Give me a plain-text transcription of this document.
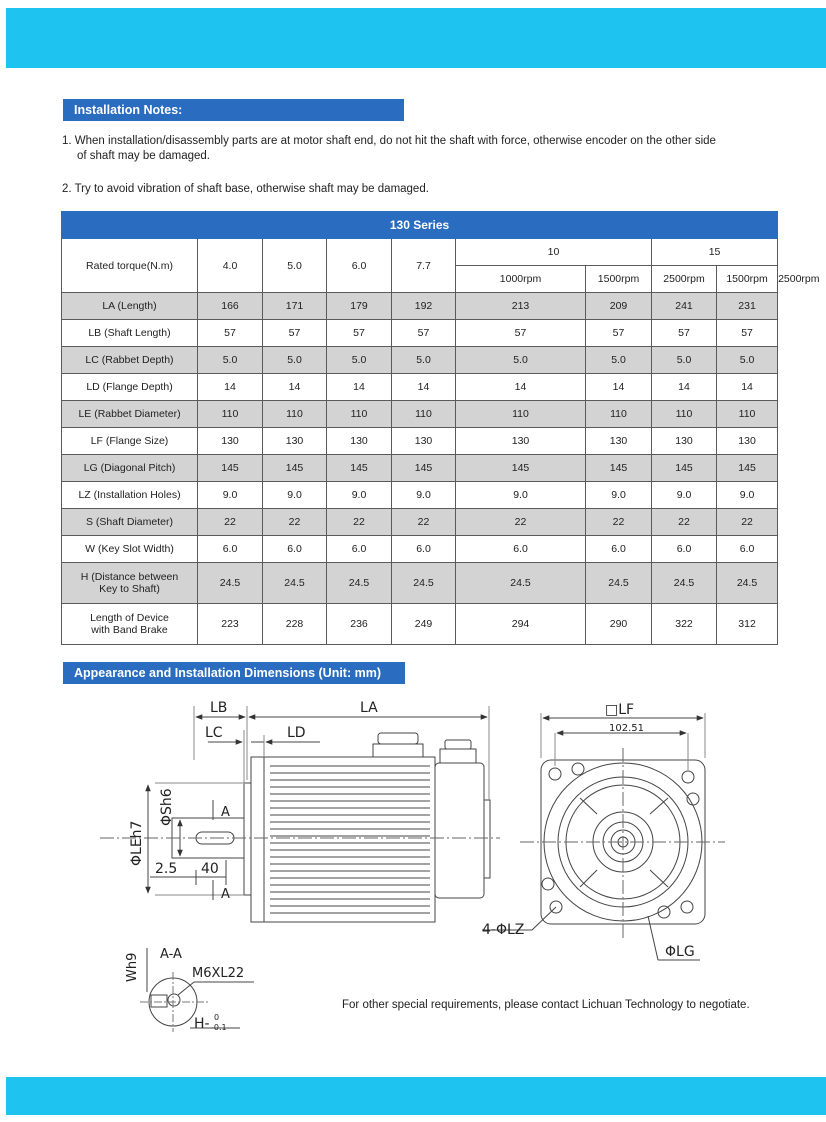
Installation Notes:
1. When installation/disassembly parts are at motor shaft end, do not hit the shaft with force, otherwise encoder on the other side
of shaft may be damaged.
2. Try to avoid vibration of shaft base, otherwise shaft may be damaged.
130 Series									
Rated torque(N.m)	4.0	5.0	6.0	7.7	10		15		
					1000rpm	1500rpm	2500rpm	1500rpm	2500rpm
LA (Length)	166	171	179	192	213	209	241	231	
LB (Shaft Length)	57	57	57	57	57	57	57	57	
LC (Rabbet Depth)	5.0	5.0	5.0	5.0	5.0	5.0	5.0	5.0	
LD (Flange Depth)	14	14	14	14	14	14	14	14	
LE (Rabbet Diameter)	110	110	110	110	110	110	110	110	
LF (Flange Size)	130	130	130	130	130	130	130	130	
LG (Diagonal Pitch)	145	145	145	145	145	145	145	145	
LZ (Installation Holes)	9.0	9.0	9.0	9.0	9.0	9.0	9.0	9.0	
S (Shaft Diameter)	22	22	22	22	22	22	22	22	
W (Key Slot Width)	6.0	6.0	6.0	6.0	6.0	6.0	6.0	6.0	

H (Distance between
Key to Shaft)	24.5	24.5	24.5	24.5	24.5	24.5	24.5	24.5	

Length of Device
with Band Brake	223	228	236	249	294	290	322	312	
Appearance and Installation Dimensions (Unit: mm)
LB	LA
LC	LD
ΦLEh7
ΦSh6	A
A
2.5 40
A-A
Wh9	M6XL22
H- 0
-0.1
□LF
102.51
4-ΦLZ
ΦLG
For other special requirements, please contact Lichuan Technology to negotiate.
